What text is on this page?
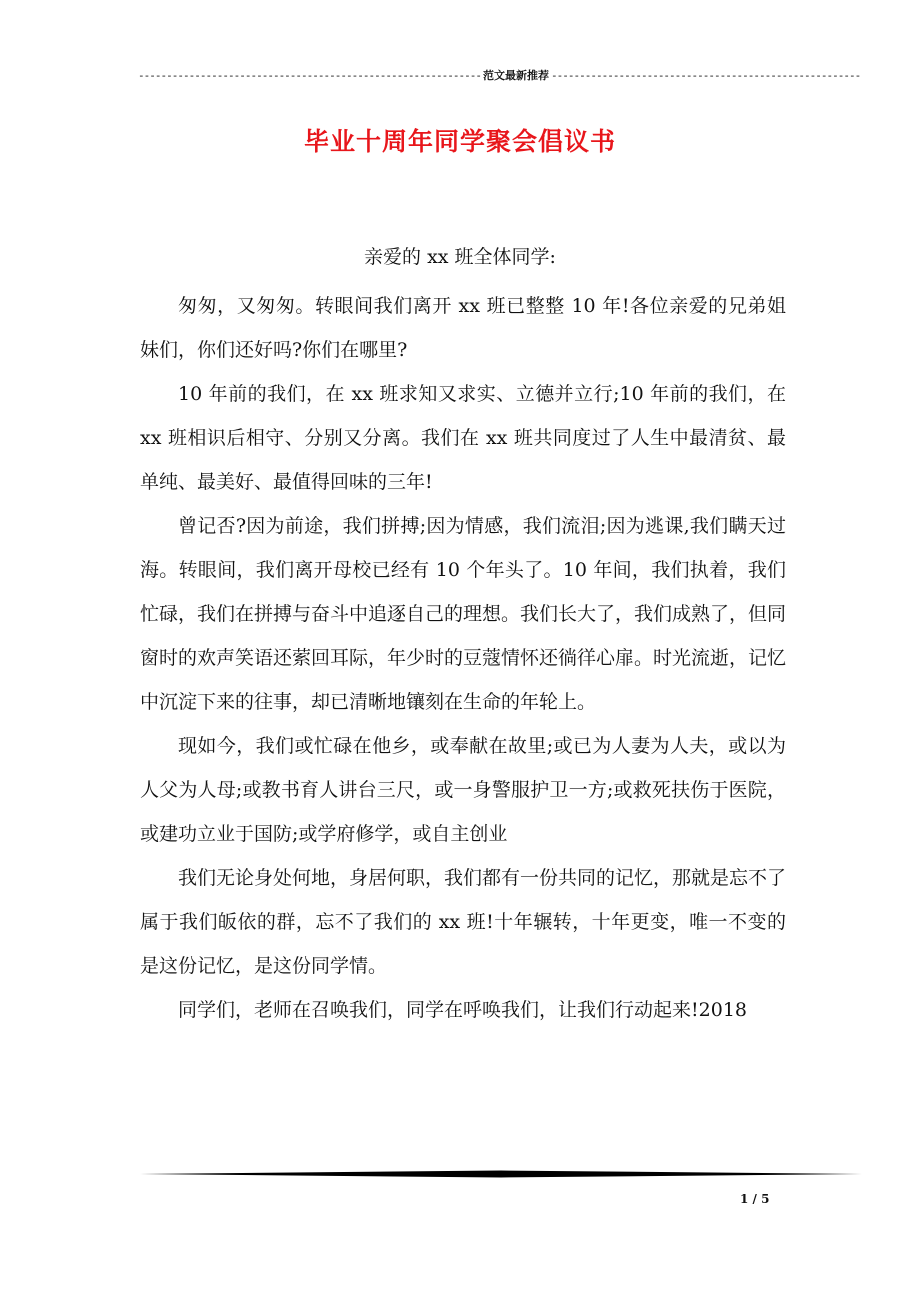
------------------------------------------------------------- 范文最新推荐 -------------------------------------------------------
毕业十周年同学聚会倡议书
亲爱的 xx 班全体同学:

匆匆，又匆匆。转眼间我们离开 xx 班已整整 10 年!各位亲爱的兄弟姐妹们，你们还好吗?你们在哪里?

10 年前的我们，在 xx 班求知又求实、立德并立行;10 年前的我们，在 xx 班相识后相守、分别又分离。我们在 xx 班共同度过了人生中最清贫、最单纯、最美好、最值得回味的三年!

曾记否?因为前途，我们拼搏;因为情感，我们流泪;因为逃课,我们瞒天过海。转眼间，我们离开母校已经有 10 个年头了。10 年间，我们执着，我们忙碌，我们在拼搏与奋斗中追逐自己的理想。我们长大了，我们成熟了，但同窗时的欢声笑语还萦回耳际，年少时的豆蔻情怀还徜徉心扉。时光流逝，记忆中沉淀下来的往事，却已清晰地镶刻在生命的年轮上。

现如今，我们或忙碌在他乡，或奉献在故里;或已为人妻为人夫，或以为人父为人母;或教书育人讲台三尺，或一身警服护卫一方;或救死扶伤于医院，或建功立业于国防;或学府修学，或自主创业

我们无论身处何地，身居何职，我们都有一份共同的记忆，那就是忘不了属于我们皈依的群，忘不了我们的 xx 班!十年辗转，十年更变，唯一不变的是这份记忆，是这份同学情。

同学们，老师在召唤我们，同学在呼唤我们，让我们行动起来!2018

1 / 5
